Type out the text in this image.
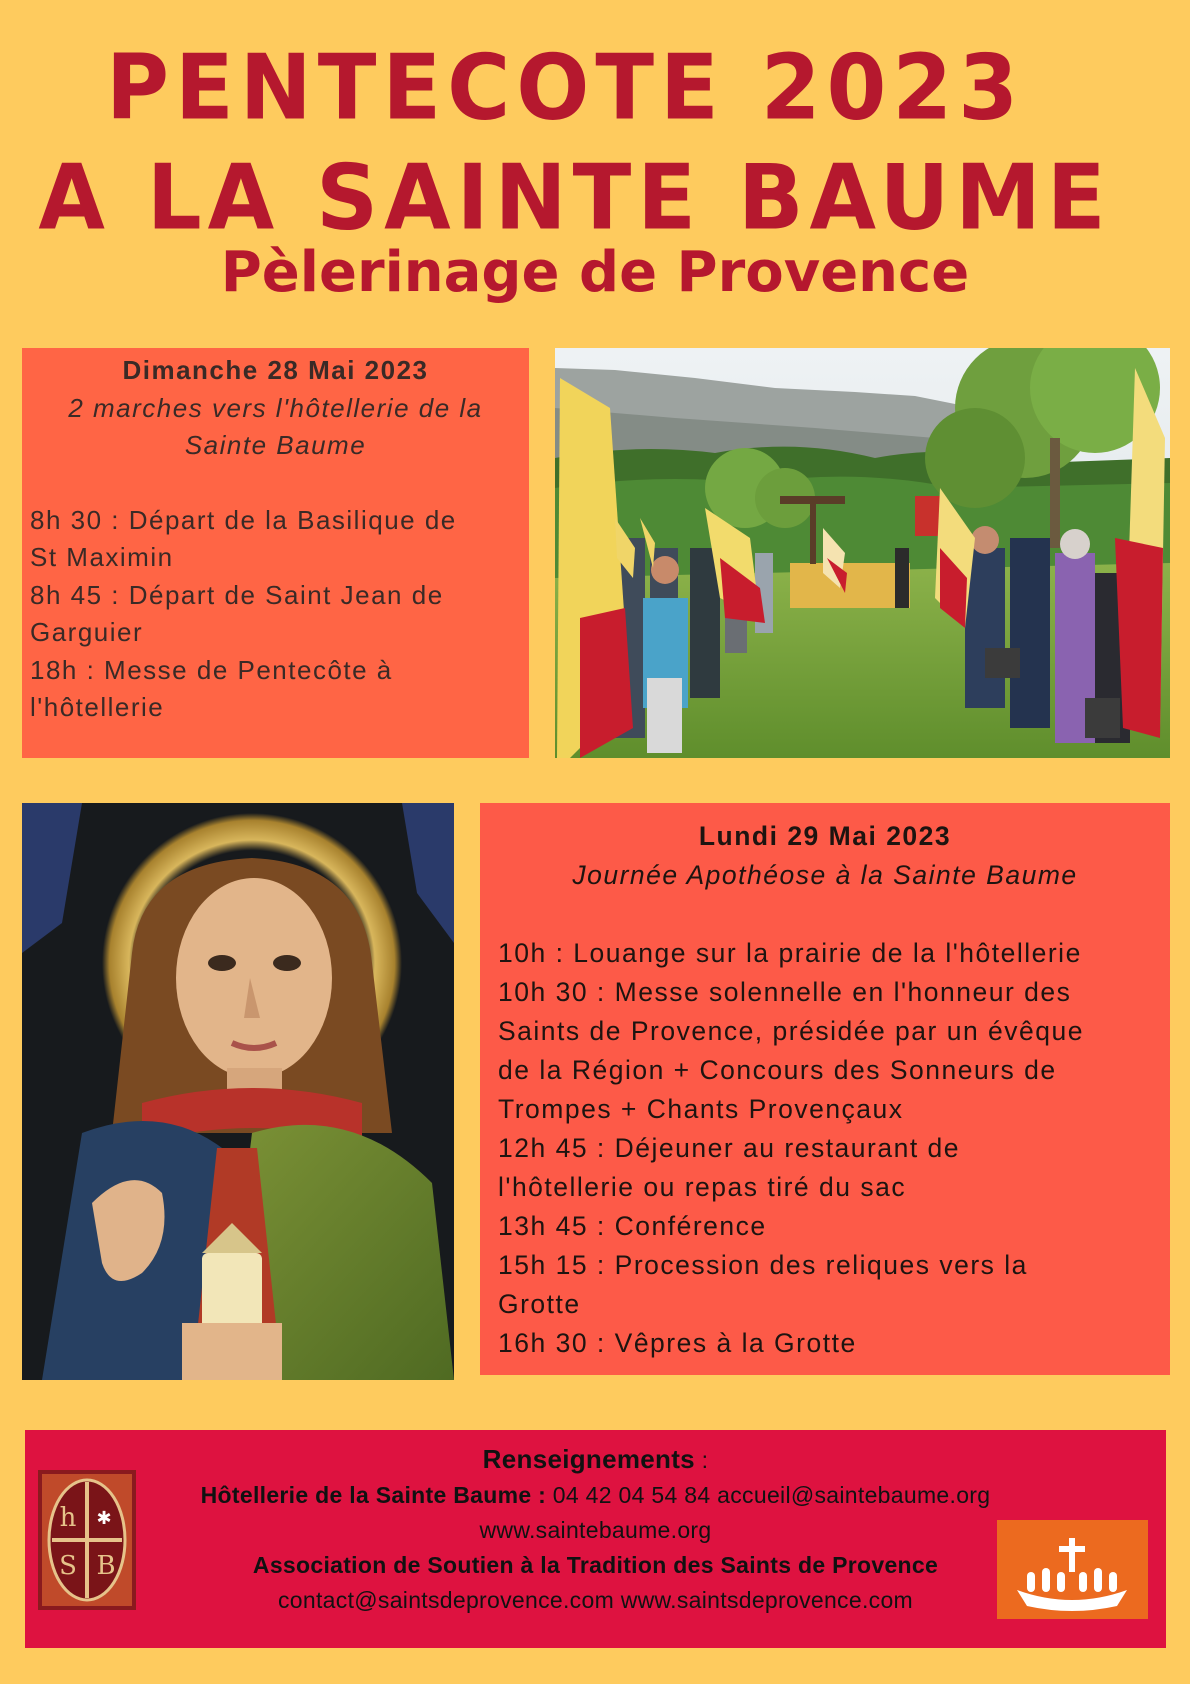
PENTECOTE 2023
A LA SAINTE BAUME
Pèlerinage de Provence
Dimanche 28 Mai 2023
2 marches vers l'hôtellerie de la
Sainte Baume
8h 30 : Départ de la Basilique de
St Maximin
8h 45 : Départ de Saint Jean de
Garguier
18h : Messe de Pentecôte à
l'hôtellerie
Lundi 29 Mai 2023
Journée Apothéose à la Sainte Baume
10h : Louange sur la prairie de la l'hôtellerie
10h 30 : Messe solennelle en l'honneur des
Saints de Provence, présidée par un évêque
de la Région + Concours des Sonneurs de
Trompes + Chants Provençaux
12h 45 : Déjeuner au restaurant de
l'hôtellerie ou repas tiré du sac
13h 45 : Conférence
15h 15 : Procession des reliques vers la
Grotte
16h 30 : Vêpres à la Grotte
Renseignements :
Hôtellerie de la Sainte Baume : 04 42 04 54 84 accueil@saintebaume.org
www.saintebaume.org
Association de Soutien à la Tradition des Saints de Provence
contact@saintsdeprovence.com www.saintsdeprovence.com
h ✱
S B
